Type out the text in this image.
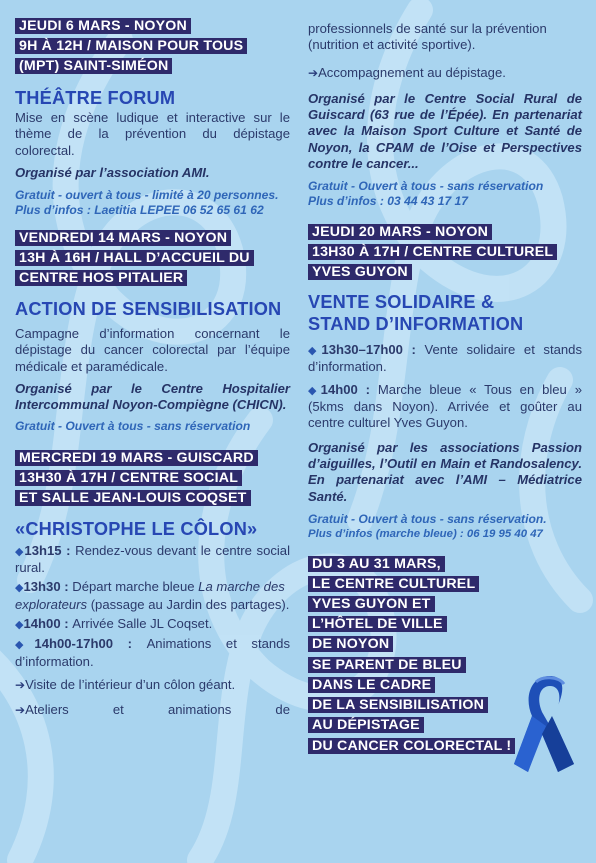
JEUDI 6 MARS - NOYON
9H À 12H / MAISON POUR TOUS
(MPT) SAINT-SIMÉON
THÉÂTRE FORUM
Mise en scène ludique et interactive sur le thème de la prévention du dépistage colorectal.
Organisé par l’association AMI.
Gratuit - ouvert à tous - limité à 20 personnes. Plus d’infos : Laetitia LEPEE 06 52 65 61 62
VENDREDI 14 MARS - NOYON
13H À 16H / HALL D’ACCUEIL DU
CENTRE HOS PITALIER
ACTION DE SENSIBILISATION
Campagne d’information concernant le dépistage du cancer colorectal par l’équipe médicale et paramédicale.
Organisé par le Centre Hospitalier Intercommunal Noyon-Compiègne (CHICN).
Gratuit - Ouvert à tous - sans réservation
MERCREDI 19 MARS - GUISCARD
13H30 À 17H / CENTRE SOCIAL
ET SALLE JEAN-LOUIS COQSET
«CHRISTOPHE LE CÔLON»
◆13h15 : Rendez-vous devant le centre social rural.
◆13h30 : Départ marche bleue La marche des explorateurs (passage au Jardin des partages).
◆14h00 : Arrivée Salle JL Coqset.
◆14h00-17h00 : Animations et stands d’information.
➔Visite de l’intérieur d’un côlon géant.
➔Ateliers et animations de
professionnels de santé sur la prévention (nutrition et activité sportive).
➔Accompagnement au dépistage.
Organisé par le Centre Social Rural de Guiscard (63 rue de l’Épée). En partenariat avec la Maison Sport Culture et Santé de Noyon, la CPAM de l’Oise et Perspectives contre le cancer...
Gratuit - Ouvert à tous - sans réservation
Plus d’infos : 03 44 43 17 17
JEUDI 20 MARS - NOYON
13H30 À 17H / CENTRE CULTUREL
YVES GUYON
VENTE SOLIDAIRE &
STAND D’INFORMATION
◆13h30–17h00 : Vente solidaire et stands d’information.
◆14h00 : Marche bleue « Tous en bleu » (5kms dans Noyon). Arrivée et goûter au centre culturel Yves Guyon.
Organisé par les associations Passion d’aiguilles, l’Outil en Main et Randosalency. En partenariat avec l’AMI – Médiatrice Santé.
Gratuit - Ouvert à tous - sans réservation.
Plus d’infos (marche bleue) : 06 19 95 40 47
DU 3 AU 31 MARS,
LE CENTRE CULTUREL
YVES GUYON ET
L’HÔTEL DE VILLE
DE NOYON
SE PARENT DE BLEU
DANS LE CADRE
DE LA SENSIBILISATION
AU DÉPISTAGE
DU CANCER COLORECTAL !
